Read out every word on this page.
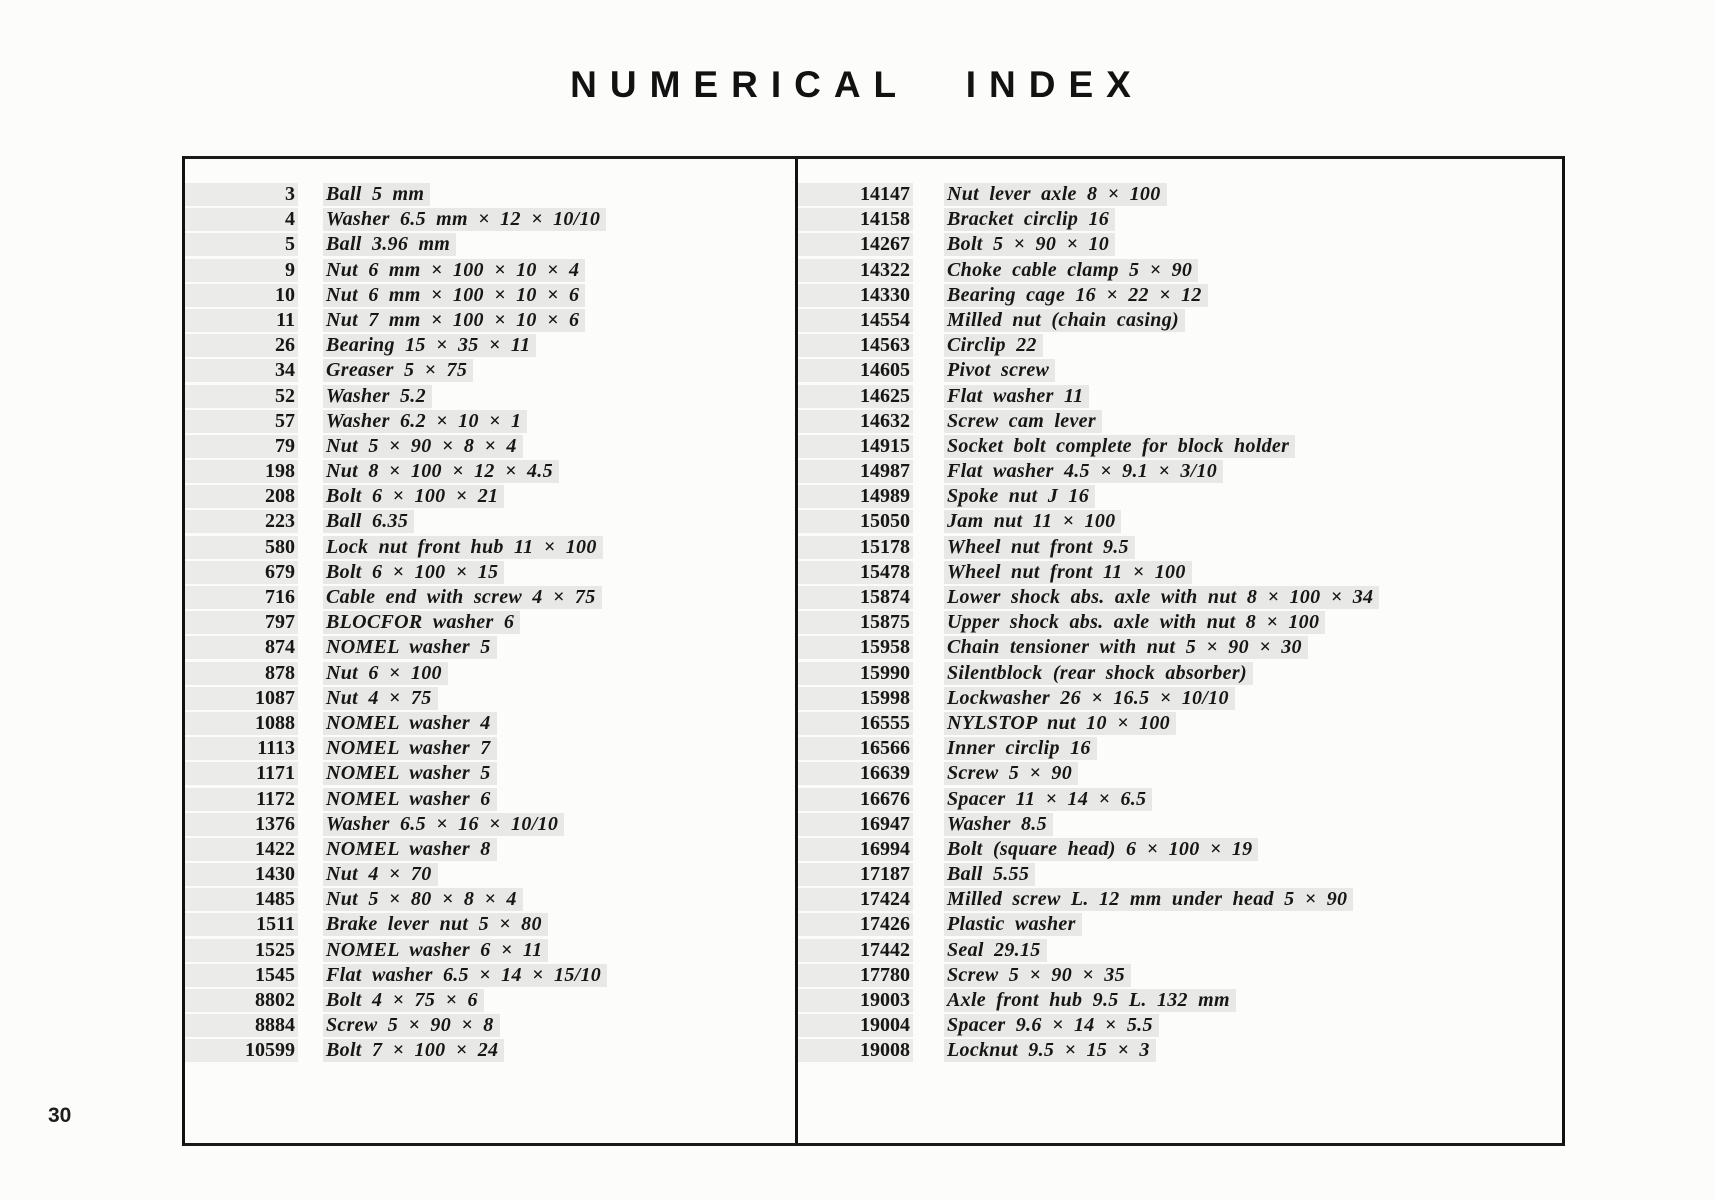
NUMERICAL INDEX
3 Ball 5 mm
4 Washer 6.5 mm × 12 × 10/10
5 Ball 3.96 mm
9 Nut 6 mm × 100 × 10 × 4
10 Nut 6 mm × 100 × 10 × 6
11 Nut 7 mm × 100 × 10 × 6
26 Bearing 15 × 35 × 11
34 Greaser 5 × 75
52 Washer 5.2
57 Washer 6.2 × 10 × 1
79 Nut 5 × 90 × 8 × 4
198 Nut 8 × 100 × 12 × 4.5
208 Bolt 6 × 100 × 21
223 Ball 6.35
580 Lock nut front hub 11 × 100
679 Bolt 6 × 100 × 15
716 Cable end with screw 4 × 75
797 BLOCFOR washer 6
874 NOMEL washer 5
878 Nut 6 × 100
1087 Nut 4 × 75
1088 NOMEL washer 4
1113 NOMEL washer 7
1171 NOMEL washer 5
1172 NOMEL washer 6
1376 Washer 6.5 × 16 × 10/10
1422 NOMEL washer 8
1430 Nut 4 × 70
1485 Nut 5 × 80 × 8 × 4
1511 Brake lever nut 5 × 80
1525 NOMEL washer 6 × 11
1545 Flat washer 6.5 × 14 × 15/10
8802 Bolt 4 × 75 × 6
8884 Screw 5 × 90 × 8
10599 Bolt 7 × 100 × 24
14147 Nut lever axle 8 × 100
14158 Bracket circlip 16
14267 Bolt 5 × 90 × 10
14322 Choke cable clamp 5 × 90
14330 Bearing cage 16 × 22 × 12
14554 Milled nut (chain casing)
14563 Circlip 22
14605 Pivot screw
14625 Flat washer 11
14632 Screw cam lever
14915 Socket bolt complete for block holder
14987 Flat washer 4.5 × 9.1 × 3/10
14989 Spoke nut J 16
15050 Jam nut 11 × 100
15178 Wheel nut front 9.5
15478 Wheel nut front 11 × 100
15874 Lower shock abs. axle with nut 8 × 100 × 34
15875 Upper shock abs. axle with nut 8 × 100
15958 Chain tensioner with nut 5 × 90 × 30
15990 Silentblock (rear shock absorber)
15998 Lockwasher 26 × 16.5 × 10/10
16555 NYLSTOP nut 10 × 100
16566 Inner circlip 16
16639 Screw 5 × 90
16676 Spacer 11 × 14 × 6.5
16947 Washer 8.5
16994 Bolt (square head) 6 × 100 × 19
17187 Ball 5.55
17424 Milled screw L. 12 mm under head 5 × 90
17426 Plastic washer
17442 Seal 29.15
17780 Screw 5 × 90 × 35
19003 Axle front hub 9.5 L. 132 mm
19004 Spacer 9.6 × 14 × 5.5
19008 Locknut 9.5 × 15 × 3
30
